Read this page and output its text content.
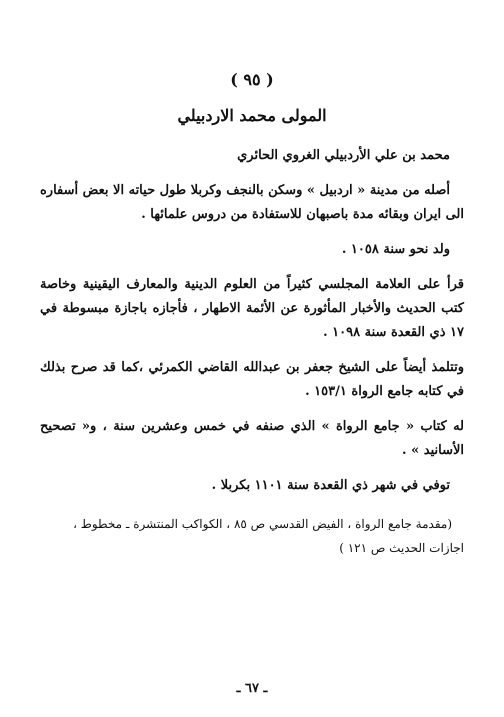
( ٩٥ )
المولى محمد الاردبيلي

محمد بن علي الأردبيلي الغروي الحائري

أصله من مدينة « اردبيل » وسكن بالنجف وكربلا طول حياته الا بعض أسفاره الى ايران وبقائه مدة باصبهان للاستفادة من دروس علمائها .

ولد نحو سنة ١٠٥٨ .

قرأ على العلامة المجلسي كثيراً من العلوم الدينية والمعارف اليقينية وخاصة كتب الحديث والأخبار المأثورة عن الأئمة الاطهار ، فأجازه باجازة مبسوطة في ١٧ ذي القعدة سنة ١٠٩٨ .

وتتلمذ أيضاً على الشيخ جعفر بن عبدالله القاضي الكمرئي ،كما قد صرح بذلك في كتابه جامع الرواة ١٥٣/١ .

له كتاب « جامع الرواة » الذي صنفه في خمس وعشرين سنة ، و« تصحيح الأسانيد » .

توفي في شهر ذي القعدة سنة ١١٠١ بكربلا .

(مقدمة جامع الرواة ، الفيض القدسي ص ٨٥ ، الكواكب المنتشرة ـ مخطوط ، اجازات الحديث ص ١٢١ )
ـ ٦٧ ـ
